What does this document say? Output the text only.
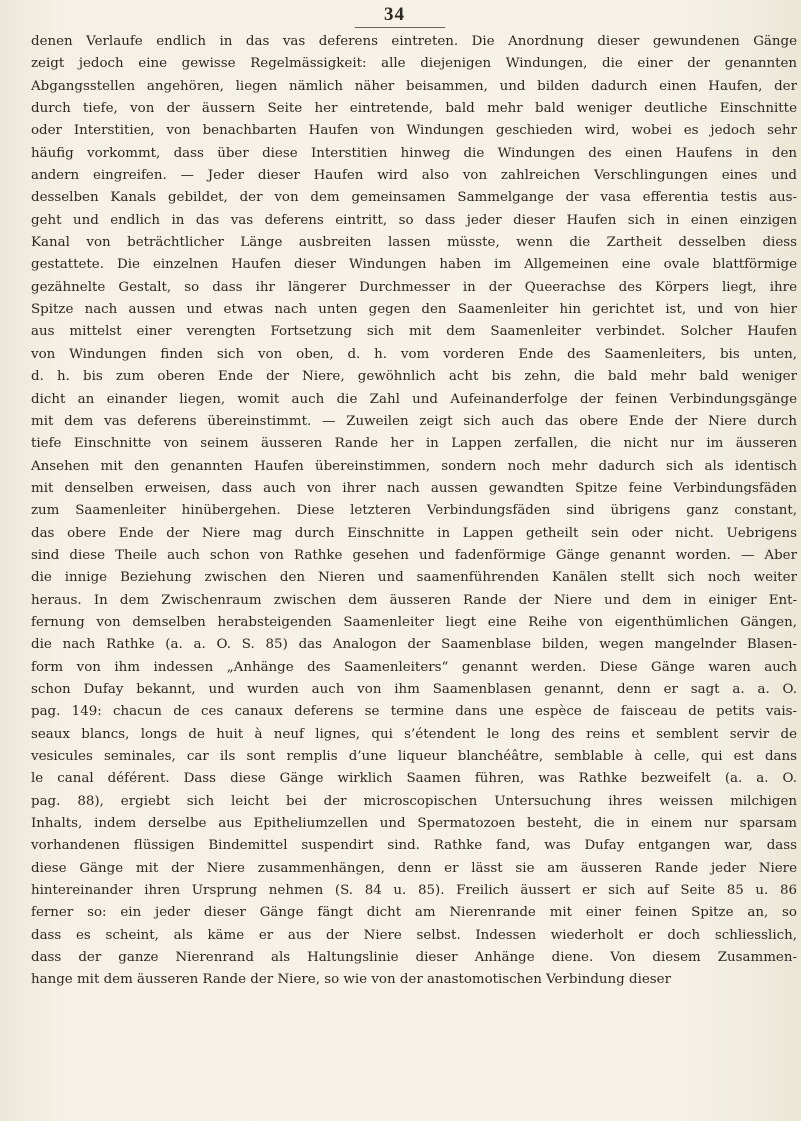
34
denen Verlaufe endlich in das vas deferens eintreten. Die Anordnung dieser gewundenen Gänge
zeigt jedoch eine gewisse Regelmässigkeit: alle diejenigen Windungen, die einer der genannten
Abgangsstellen angehören, liegen nämlich näher beisammen, und bilden dadurch einen Haufen, der
durch tiefe, von der äussern Seite her eintretende, bald mehr bald weniger deutliche Einschnitte
oder Interstitien, von benachbarten Haufen von Windungen geschieden wird, wobei es jedoch sehr
häufig vorkommt, dass über diese Interstitien hinweg die Windungen des einen Haufens in den
andern eingreifen. — Jeder dieser Haufen wird also von zahlreichen Verschlingungen eines und
desselben Kanals gebildet, der von dem gemeinsamen Sammelgange der vasa efferentia testis aus-
geht und endlich in das vas deferens eintritt, so dass jeder dieser Haufen sich in einen einzigen
Kanal von beträchtlicher Länge ausbreiten lassen müsste, wenn die Zartheit desselben diess
gestattete. Die einzelnen Haufen dieser Windungen haben im Allgemeinen eine ovale blattförmige
gezähnelte Gestalt, so dass ihr längerer Durchmesser in der Queerachse des Körpers liegt, ihre
Spitze nach aussen und etwas nach unten gegen den Saamenleiter hin gerichtet ist, und von hier
aus mittelst einer verengten Fortsetzung sich mit dem Saamenleiter verbindet. Solcher Haufen
von Windungen finden sich von oben, d. h. vom vorderen Ende des Saamenleiters, bis unten,
d. h. bis zum oberen Ende der Niere, gewöhnlich acht bis zehn, die bald mehr bald weniger
dicht an einander liegen, womit auch die Zahl und Aufeinanderfolge der feinen Verbindungsgänge
mit dem vas deferens übereinstimmt. — Zuweilen zeigt sich auch das obere Ende der Niere durch
tiefe Einschnitte von seinem äusseren Rande her in Lappen zerfallen, die nicht nur im äusseren
Ansehen mit den genannten Haufen übereinstimmen, sondern noch mehr dadurch sich als identisch
mit denselben erweisen, dass auch von ihrer nach aussen gewandten Spitze feine Verbindungsfäden
zum Saamenleiter hinübergehen. Diese letzteren Verbindungsfäden sind übrigens ganz constant,
das obere Ende der Niere mag durch Einschnitte in Lappen getheilt sein oder nicht. Uebrigens
sind diese Theile auch schon von Rathke gesehen und fadenförmige Gänge genannt worden. — Aber
die innige Beziehung zwischen den Nieren und saamenführenden Kanälen stellt sich noch weiter
heraus. In dem Zwischenraum zwischen dem äusseren Rande der Niere und dem in einiger Ent-
fernung von demselben herabsteigenden Saamenleiter liegt eine Reihe von eigenthümlichen Gängen,
die nach Rathke (a. a. O. S. 85) das Analogon der Saamenblase bilden, wegen mangelnder Blasen-
form von ihm indessen „Anhänge des Saamenleiters“ genannt werden. Diese Gänge waren auch
schon Dufay bekannt, und wurden auch von ihm Saamenblasen genannt, denn er sagt a. a. O.
pag. 149: chacun de ces canaux deferens se termine dans une espèce de faisceau de petits vais-
seaux blancs, longs de huit à neuf lignes, qui s’étendent le long des reins et semblent servir de
vesicules seminales, car ils sont remplis d’une liqueur blanchéâtre, semblable à celle, qui est dans
le canal déférent. Dass diese Gänge wirklich Saamen führen, was Rathke bezweifelt (a. a. O.
pag. 88), ergiebt sich leicht bei der microscopischen Untersuchung ihres weissen milchigen
Inhalts, indem derselbe aus Epitheliumzellen und Spermatozoen besteht, die in einem nur sparsam
vorhandenen flüssigen Bindemittel suspendirt sind. Rathke fand, was Dufay entgangen war, dass
diese Gänge mit der Niere zusammenhängen, denn er lässt sie am äusseren Rande jeder Niere
hintereinander ihren Ursprung nehmen (S. 84 u. 85). Freilich äussert er sich auf Seite 85 u. 86
ferner so: ein jeder dieser Gänge fängt dicht am Nierenrande mit einer feinen Spitze an, so
dass es scheint, als käme er aus der Niere selbst. Indessen wiederholt er doch schliesslich,
dass der ganze Nierenrand als Haltungslinie dieser Anhänge diene. Von diesem Zusammen-
hange mit dem äusseren Rande der Niere, so wie von der anastomotischen Verbindung dieser
